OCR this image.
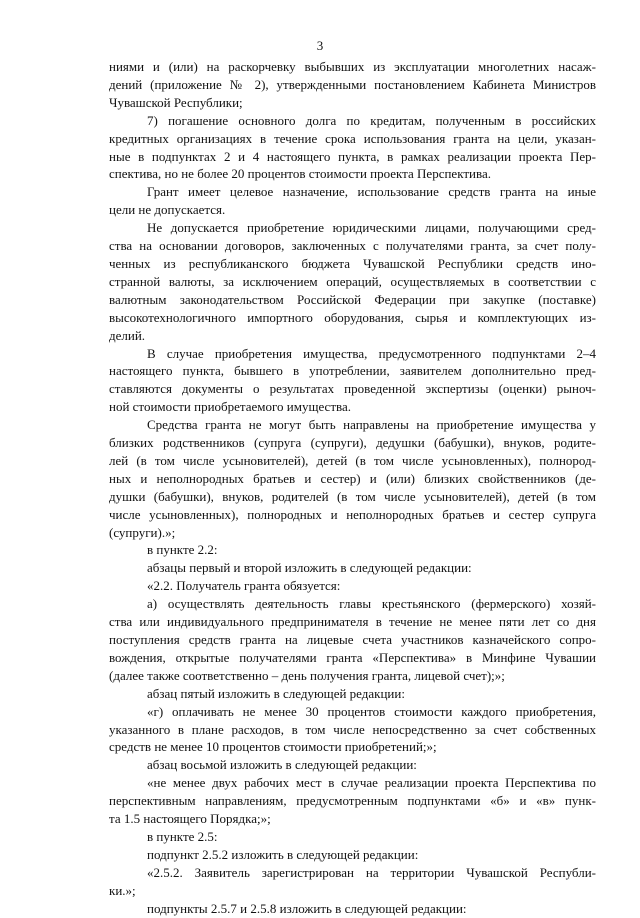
3
ниями и (или) на раскорчевку выбывших из эксплуатации многолетних насаж-
дений (приложение № 2), утвержденными постановлением Кабинета Министров
Чувашской Республики;
7) погашение основного долга по кредитам, полученным в российских
кредитных организациях в течение срока использования гранта на цели, указан-
ные в подпунктах 2 и 4 настоящего пункта, в рамках реализации проекта Пер-
спектива, но не более 20 процентов стоимости проекта Перспектива.
Грант имеет целевое назначение, использование средств гранта на иные
цели не допускается.
Не допускается приобретение юридическими лицами, получающими сред-
ства на основании договоров, заключенных с получателями гранта, за счет полу-
ченных из республиканского бюджета Чувашской Республики средств ино-
странной валюты, за исключением операций, осуществляемых в соответствии с
валютным законодательством Российской Федерации при закупке (поставке)
высокотехнологичного импортного оборудования, сырья и комплектующих из-
делий.
В случае приобретения имущества, предусмотренного подпунктами 2–4
настоящего пункта, бывшего в употреблении, заявителем дополнительно пред-
ставляются документы о результатах проведенной экспертизы (оценки) рыноч-
ной стоимости приобретаемого имущества.
Средства гранта не могут быть направлены на приобретение имущества у
близких родственников (супруга (супруги), дедушки (бабушки), внуков, родите-
лей (в том числе усыновителей), детей (в том числе усыновленных), полнород-
ных и неполнородных братьев и сестер) и (или) близких свойственников (де-
душки (бабушки), внуков, родителей (в том числе усыновителей), детей (в том
числе усыновленных), полнородных и неполнородных братьев и сестер супруга
(супруги).»;
в пункте 2.2:
абзацы первый и второй изложить в следующей редакции:
«2.2. Получатель гранта обязуется:
а) осуществлять деятельность главы крестьянского (фермерского) хозяй-
ства или индивидуального предпринимателя в течение не менее пяти лет со дня
поступления средств гранта на лицевые счета участников казначейского сопро-
вождения, открытые получателями гранта «Перспектива» в Минфине Чувашии
(далее также соответственно – день получения гранта, лицевой счет);»;
абзац пятый изложить в следующей редакции:
«г) оплачивать не менее 30 процентов стоимости каждого приобретения,
указанного в плане расходов, в том числе непосредственно за счет собственных
средств не менее 10 процентов стоимости приобретений;»;
абзац восьмой изложить в следующей редакции:
«не менее двух рабочих мест в случае реализации проекта Перспектива по
перспективным направлениям, предусмотренным подпунктами «б» и «в» пунк-
та 1.5 настоящего Порядка;»;
в пункте 2.5:
подпункт 2.5.2 изложить в следующей редакции:
«2.5.2. Заявитель зарегистрирован на территории Чувашской Республи-
ки.»;
подпункты 2.5.7 и 2.5.8 изложить в следующей редакции:
